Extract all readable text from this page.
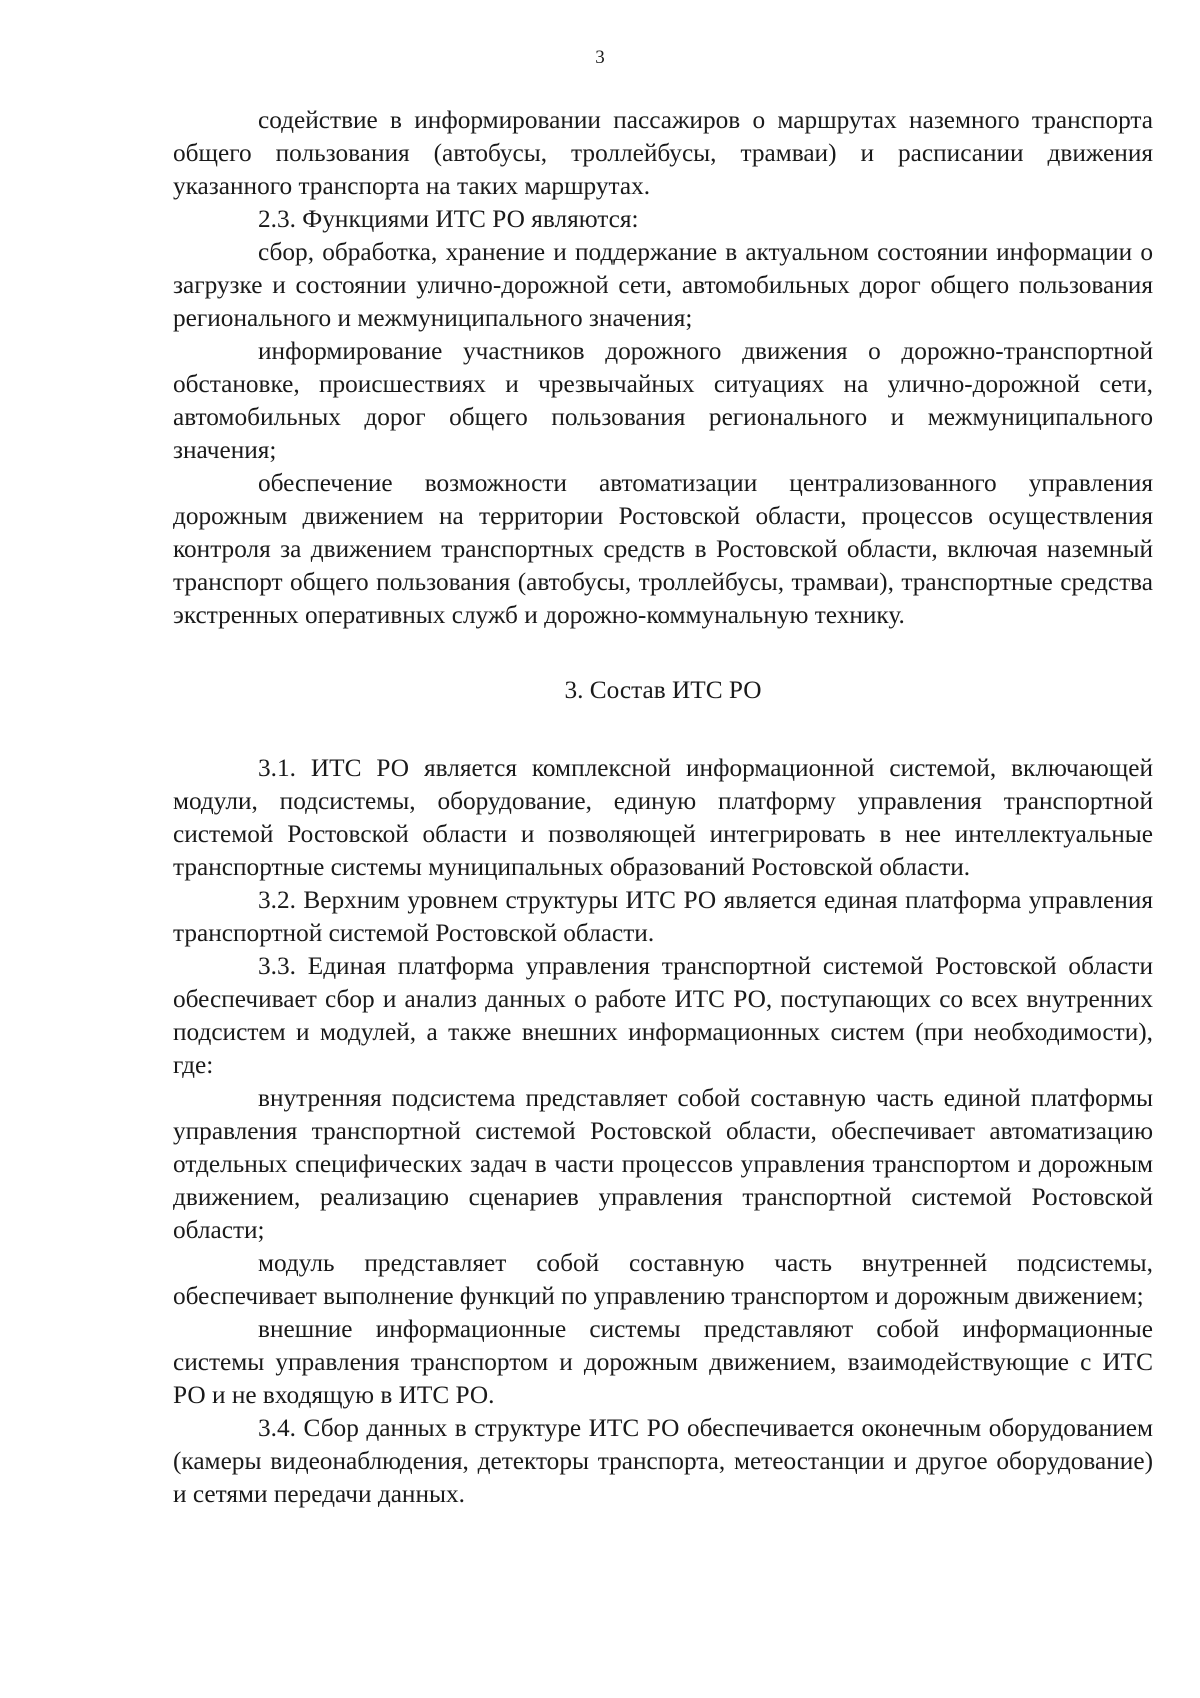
3

содействие в информировании пассажиров о маршрутах наземного транспорта общего пользования (автобусы, троллейбусы, трамваи) и расписании движения указанного транспорта на таких маршрутах.

2.3. Функциями ИТС РО являются:

сбор, обработка, хранение и поддержание в актуальном состоянии информации о загрузке и состоянии улично-дорожной сети, автомобильных дорог общего пользования регионального и межмуниципального значения;

информирование участников дорожного движения о дорожно-транспортной обстановке, происшествиях и чрезвычайных ситуациях на улично-дорожной сети, автомобильных дорог общего пользования регионального и межмуниципального значения;

обеспечение возможности автоматизации централизованного управления дорожным движением на территории Ростовской области, процессов осуществления контроля за движением транспортных средств в Ростовской области, включая наземный транспорт общего пользования (автобусы, троллейбусы, трамваи), транспортные средства экстренных оперативных служб и дорожно-коммунальную технику.

3. Состав ИТС РО

3.1. ИТС РО является комплексной информационной системой, включающей модули, подсистемы, оборудование, единую платформу управления транспортной системой Ростовской области и позволяющей интегрировать в нее интеллектуальные транспортные системы муниципальных образований Ростовской области.

3.2. Верхним уровнем структуры ИТС РО является единая платформа управления транспортной системой Ростовской области.

3.3. Единая платформа управления транспортной системой Ростовской области обеспечивает сбор и анализ данных о работе ИТС РО, поступающих со всех внутренних подсистем и модулей, а также внешних информационных систем (при необходимости), где:

внутренняя подсистема представляет собой составную часть единой платформы управления транспортной системой Ростовской области, обеспечивает автоматизацию отдельных специфических задач в части процессов управления транспортом и дорожным движением, реализацию сценариев управления транспортной системой Ростовской области;

модуль представляет собой составную часть внутренней подсистемы, обеспечивает выполнение функций по управлению транспортом и дорожным движением;

внешние информационные системы представляют собой информационные системы управления транспортом и дорожным движением, взаимодействующие с ИТС РО и не входящую в ИТС РО.

3.4. Сбор данных в структуре ИТС РО обеспечивается оконечным оборудованием (камеры видеонаблюдения, детекторы транспорта, метеостанции и другое оборудование) и сетями передачи данных.
